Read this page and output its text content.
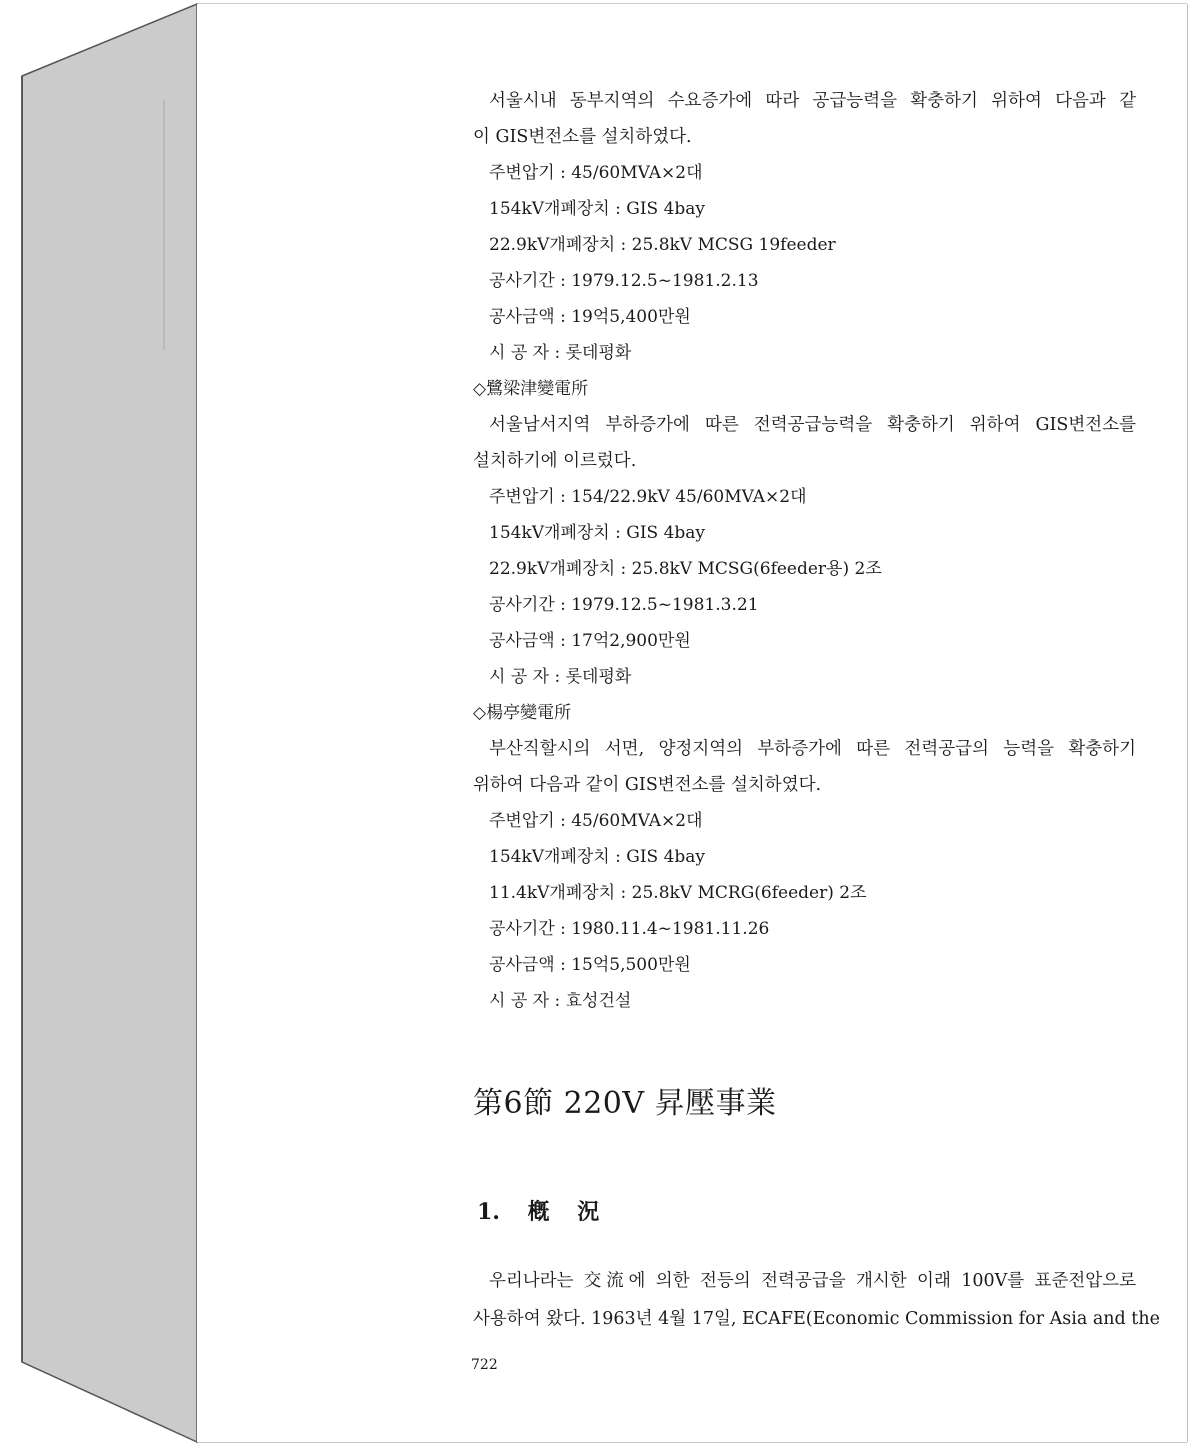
서울시내 동부지역의 수요증가에 따라 공급능력을 확충하기 위하여 다음과 같
이 GIS변전소를 설치하였다.
주변압기 : 45/60MVA×2대
154kV개폐장치 : GIS 4bay
22.9kV개폐장치 : 25.8kV MCSG 19feeder
공사기간 : 1979.12.5~1981.2.13
공사금액 : 19억5,400만원
시 공 자 : 롯데평화
◇鷺梁津變電所
서울남서지역 부하증가에 따른 전력공급능력을 확충하기 위하여 GIS변전소를
설치하기에 이르렀다.
주변압기 : 154/22.9kV 45/60MVA×2대
154kV개폐장치 : GIS 4bay
22.9kV개폐장치 : 25.8kV MCSG(6feeder용) 2조
공사기간 : 1979.12.5~1981.3.21
공사금액 : 17억2,900만원
시 공 자 : 롯데평화
◇楊亭變電所
부산직할시의 서면, 양정지역의 부하증가에 따른 전력공급의 능력을 확충하기
위하여 다음과 같이 GIS변전소를 설치하였다.
주변압기 : 45/60MVA×2대
154kV개폐장치 : GIS 4bay
11.4kV개폐장치 : 25.8kV MCRG(6feeder) 2조
공사기간 : 1980.11.4~1981.11.26
공사금액 : 15억5,500만원
시 공 자 : 효성건설
第6節 220V 昇壓事業
1. 槪 況
우리나라는 交流에 의한 전등의 전력공급을 개시한 이래 100V를 표준전압으로
사용하여 왔다. 1963년 4월 17일, ECAFE(Economic Commission for Asia and the
722
